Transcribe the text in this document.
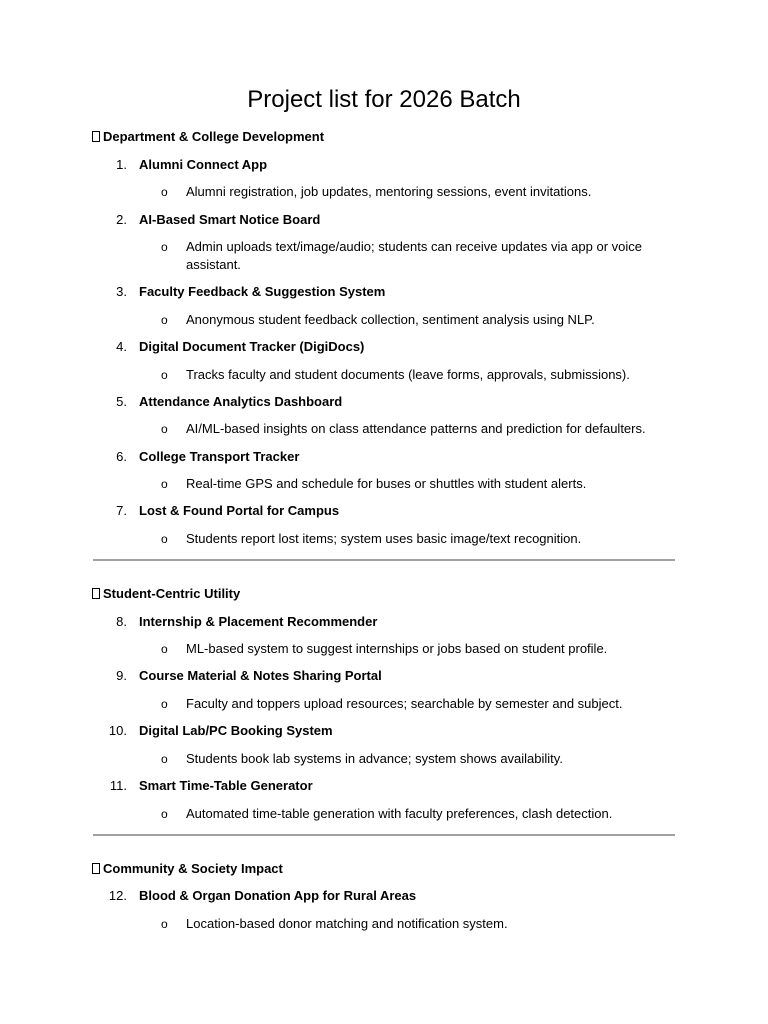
Project list for 2026 Batch
Department & College Development
1. Alumni Connect App
o Alumni registration, job updates, mentoring sessions, event invitations.
2. AI-Based Smart Notice Board
o Admin uploads text/image/audio; students can receive updates via app or voice assistant.
3. Faculty Feedback & Suggestion System
o Anonymous student feedback collection, sentiment analysis using NLP.
4. Digital Document Tracker (DigiDocs)
o Tracks faculty and student documents (leave forms, approvals, submissions).
5. Attendance Analytics Dashboard
o AI/ML-based insights on class attendance patterns and prediction for defaulters.
6. College Transport Tracker
o Real-time GPS and schedule for buses or shuttles with student alerts.
7. Lost & Found Portal for Campus
o Students report lost items; system uses basic image/text recognition.
Student-Centric Utility
8. Internship & Placement Recommender
o ML-based system to suggest internships or jobs based on student profile.
9. Course Material & Notes Sharing Portal
o Faculty and toppers upload resources; searchable by semester and subject.
10. Digital Lab/PC Booking System
o Students book lab systems in advance; system shows availability.
11. Smart Time-Table Generator
o Automated time-table generation with faculty preferences, clash detection.
Community & Society Impact
12. Blood & Organ Donation App for Rural Areas
o Location-based donor matching and notification system.
